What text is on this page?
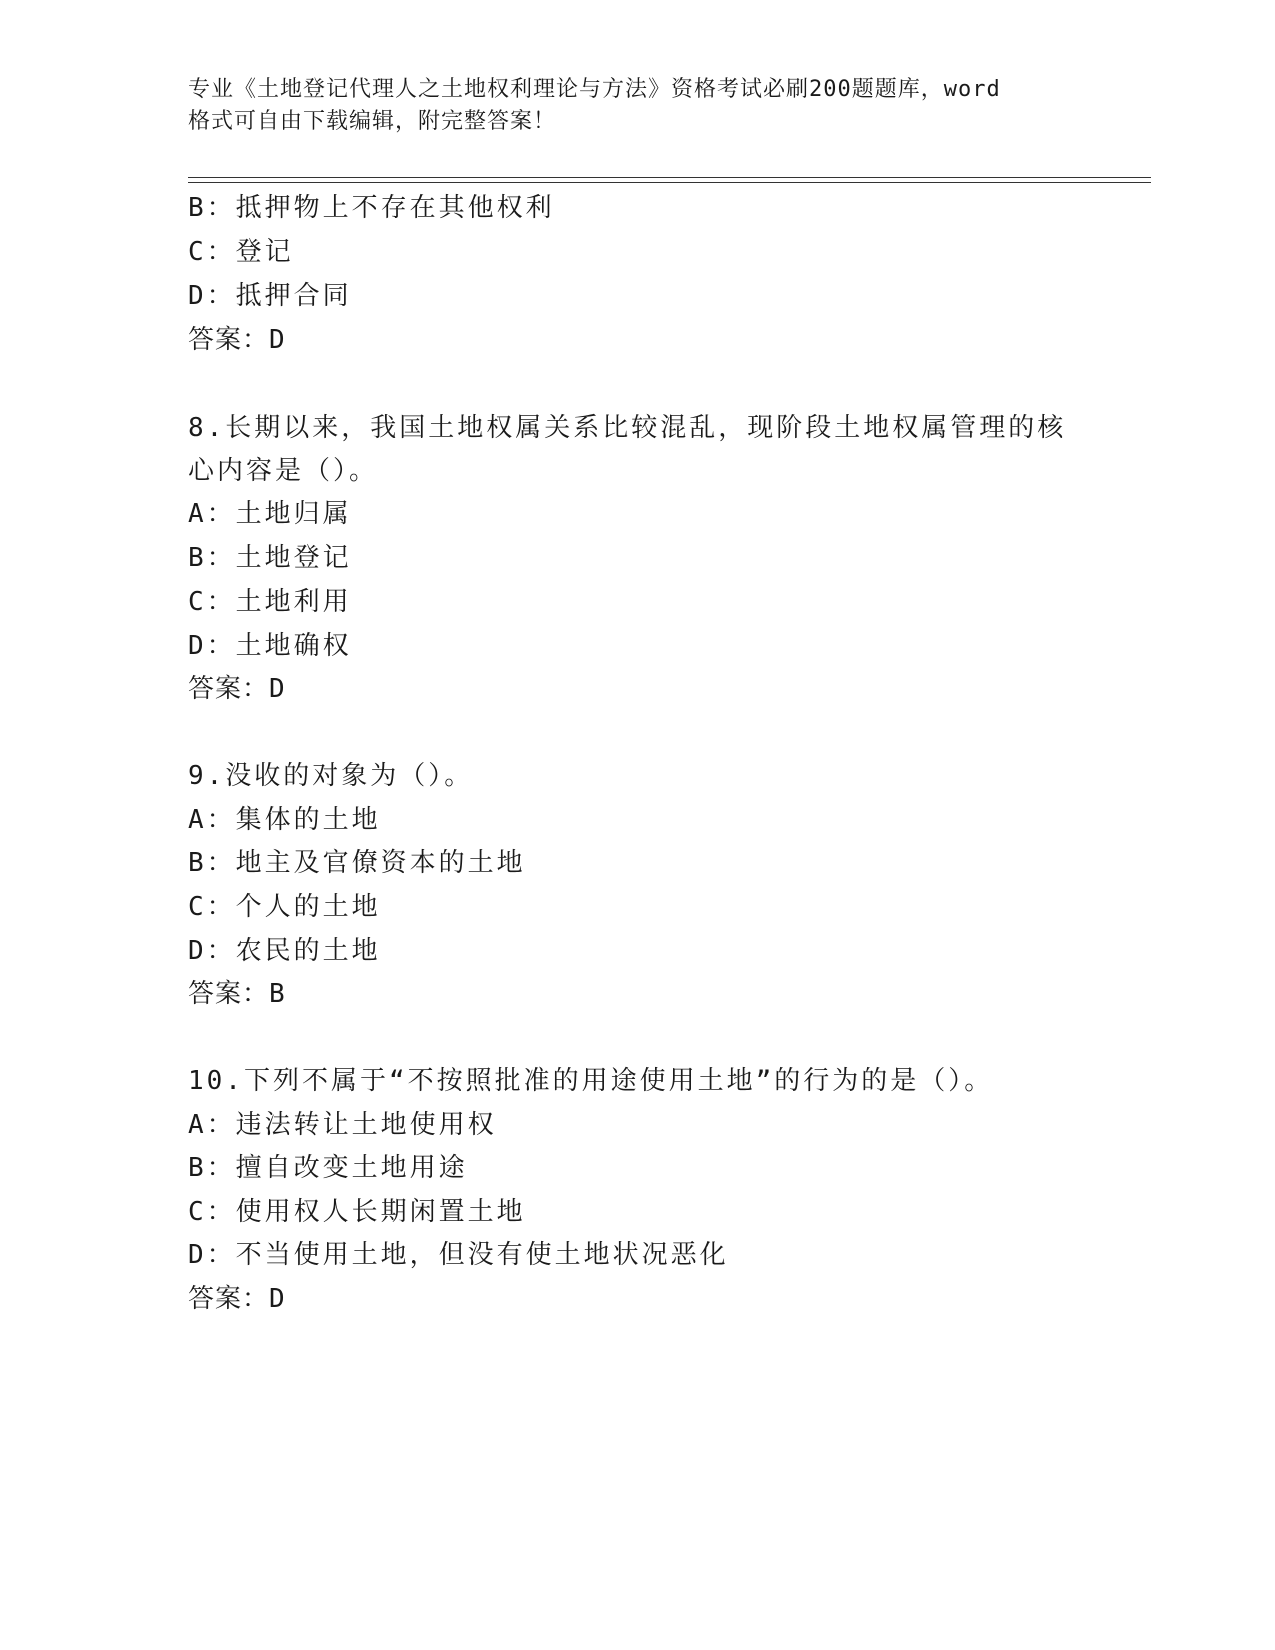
专业《土地登记代理人之土地权利理论与方法》资格考试必刷200题题库，word
格式可自由下载编辑，附完整答案！
B：抵押物上不存在其他权利
C：登记
D：抵押合同
答案：D
8.长期以来，我国土地权属关系比较混乱，现阶段土地权属管理的核
心内容是（）。
A：土地归属
B：土地登记
C：土地利用
D：土地确权
答案：D
9.没收的对象为（）。
A：集体的土地
B：地主及官僚资本的土地
C：个人的土地
D：农民的土地
答案：B
10.下列不属于“不按照批准的用途使用土地”的行为的是（）。
A：违法转让土地使用权
B：擅自改变土地用途
C：使用权人长期闲置土地
D：不当使用土地，但没有使土地状况恶化
答案：D
